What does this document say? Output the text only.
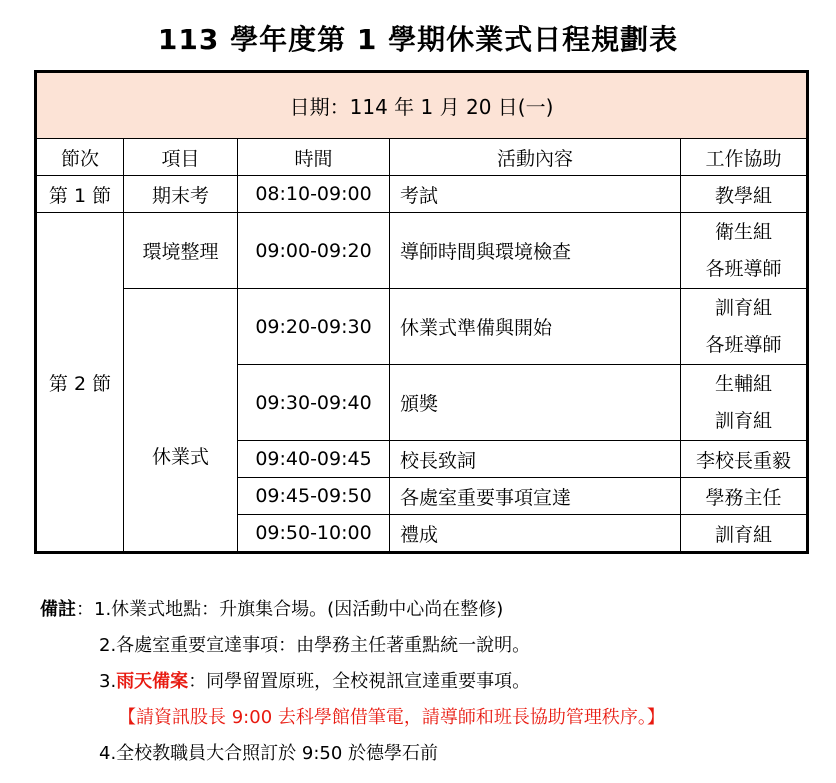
113 學年度第 1 學期休業式日程規劃表
日期：114 年 1 月 20 日(一)				
節次	項目	時間	活動內容	工作協助
第 1 節	期末考	08:10-09:00	考試	教學組
第 2 節	環境整理	09:00-09:20	導師時間與環境檢查	衛生組
各班導師

	休業式	09:20-09:30	休業式準備與開始	訓育組
各班導師

		09:30-09:40	頒獎	生輔組
訓育組

		09:40-09:45	校長致詞	李校長重毅
		09:45-09:50	各處室重要事項宣達	學務主任
		09:50-10:00	禮成	訓育組
備註：1.休業式地點：升旗集合場。(因活動中心尚在整修)
2.各處室重要宣達事項：由學務主任著重點統一說明。
3.雨天備案：同學留置原班，全校視訊宣達重要事項。
【請資訊股長 9:00 去科學館借筆電，請導師和班長協助管理秩序。】
4.全校教職員大合照訂於 9:50 於德學石前
